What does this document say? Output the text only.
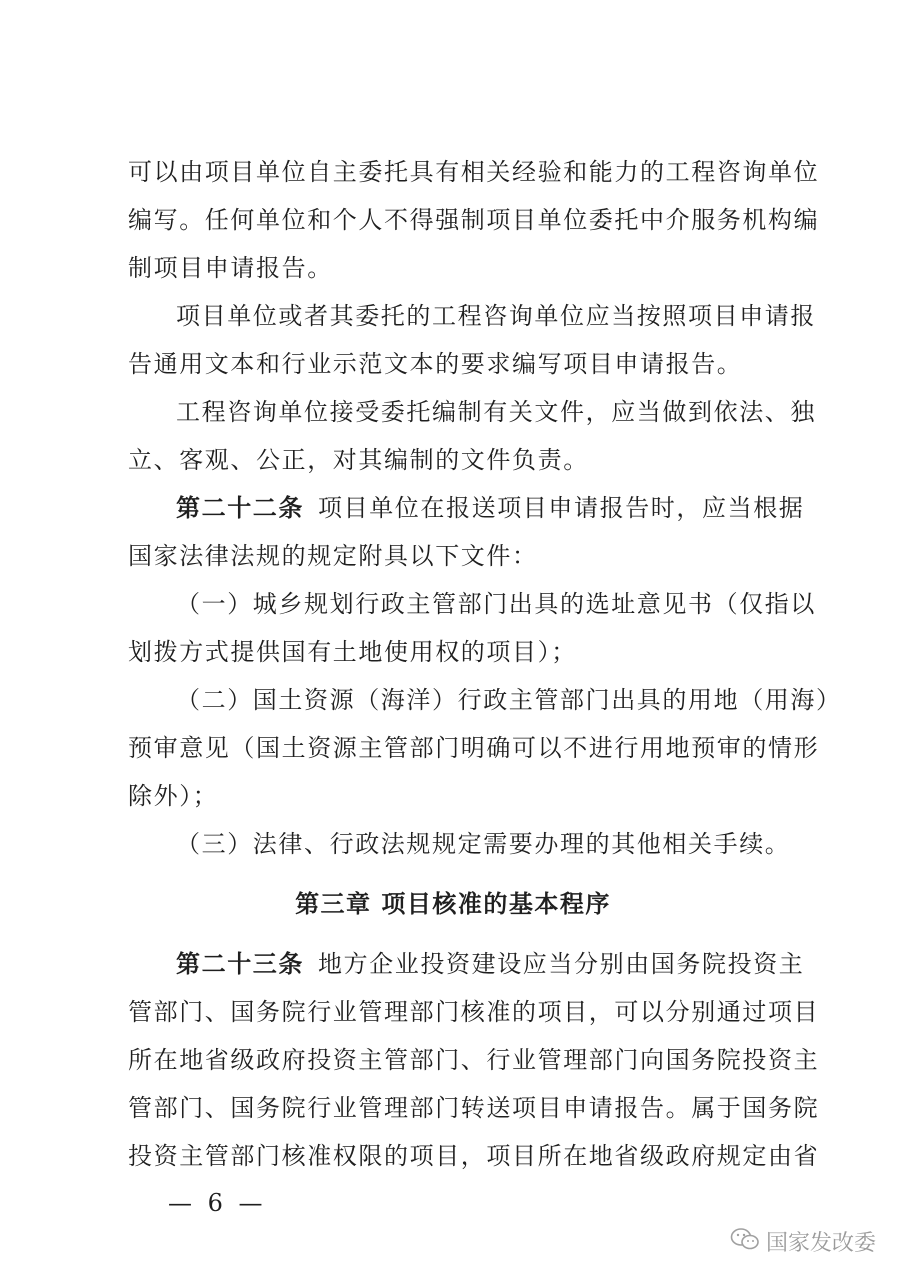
可以由项目单位自主委托具有相关经验和能力的工程咨询单位
编写。任何单位和个人不得强制项目单位委托中介服务机构编
制项目申请报告。
项目单位或者其委托的工程咨询单位应当按照项目申请报
告通用文本和行业示范文本的要求编写项目申请报告。
工程咨询单位接受委托编制有关文件，应当做到依法、独
立、客观、公正，对其编制的文件负责。
第二十二条 项目单位在报送项目申请报告时，应当根据
国家法律法规的规定附具以下文件：
（一）城乡规划行政主管部门出具的选址意见书（仅指以
划拨方式提供国有土地使用权的项目）；
（二）国土资源（海洋）行政主管部门出具的用地（用海）
预审意见（国土资源主管部门明确可以不进行用地预审的情形
除外）；
（三）法律、行政法规规定需要办理的其他相关手续。
第三章 项目核准的基本程序
第二十三条 地方企业投资建设应当分别由国务院投资主
管部门、国务院行业管理部门核准的项目，可以分别通过项目
所在地省级政府投资主管部门、行业管理部门向国务院投资主
管部门、国务院行业管理部门转送项目申请报告。属于国务院
投资主管部门核准权限的项目，项目所在地省级政府规定由省
— 6 —
国家发改委
